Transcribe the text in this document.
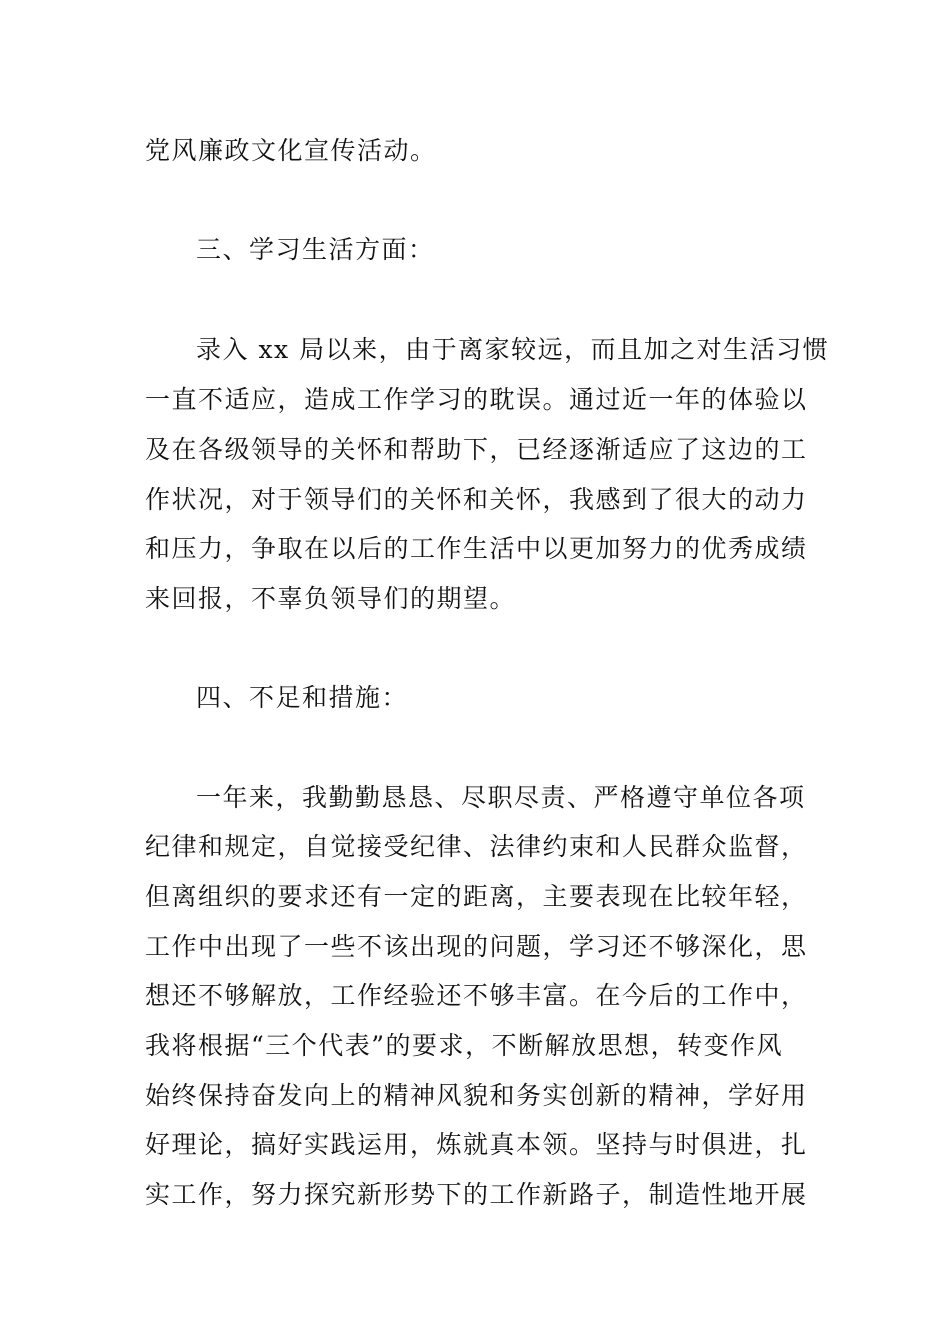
党风廉政文化宣传活动。
三、学习生活方面：
录入 xx 局以来，由于离家较远，而且加之对生活习惯
一直不适应，造成工作学习的耽误。通过近一年的体验以
及在各级领导的关怀和帮助下，已经逐渐适应了这边的工
作状况，对于领导们的关怀和关怀，我感到了很大的动力
和压力，争取在以后的工作生活中以更加努力的优秀成绩
来回报，不辜负领导们的期望。
四、不足和措施：
一年来，我勤勤恳恳、尽职尽责、严格遵守单位各项
纪律和规定，自觉接受纪律、法律约束和人民群众监督，
但离组织的要求还有一定的距离，主要表现在比较年轻，
工作中出现了一些不该出现的问题，学习还不够深化，思
想还不够解放，工作经验还不够丰富。在今后的工作中，
我将根据“三个代表”的要求，不断解放思想，转变作风
始终保持奋发向上的精神风貌和务实创新的精神，学好用
好理论，搞好实践运用，炼就真本领。坚持与时俱进，扎
实工作，努力探究新形势下的工作新路子，制造性地开展
